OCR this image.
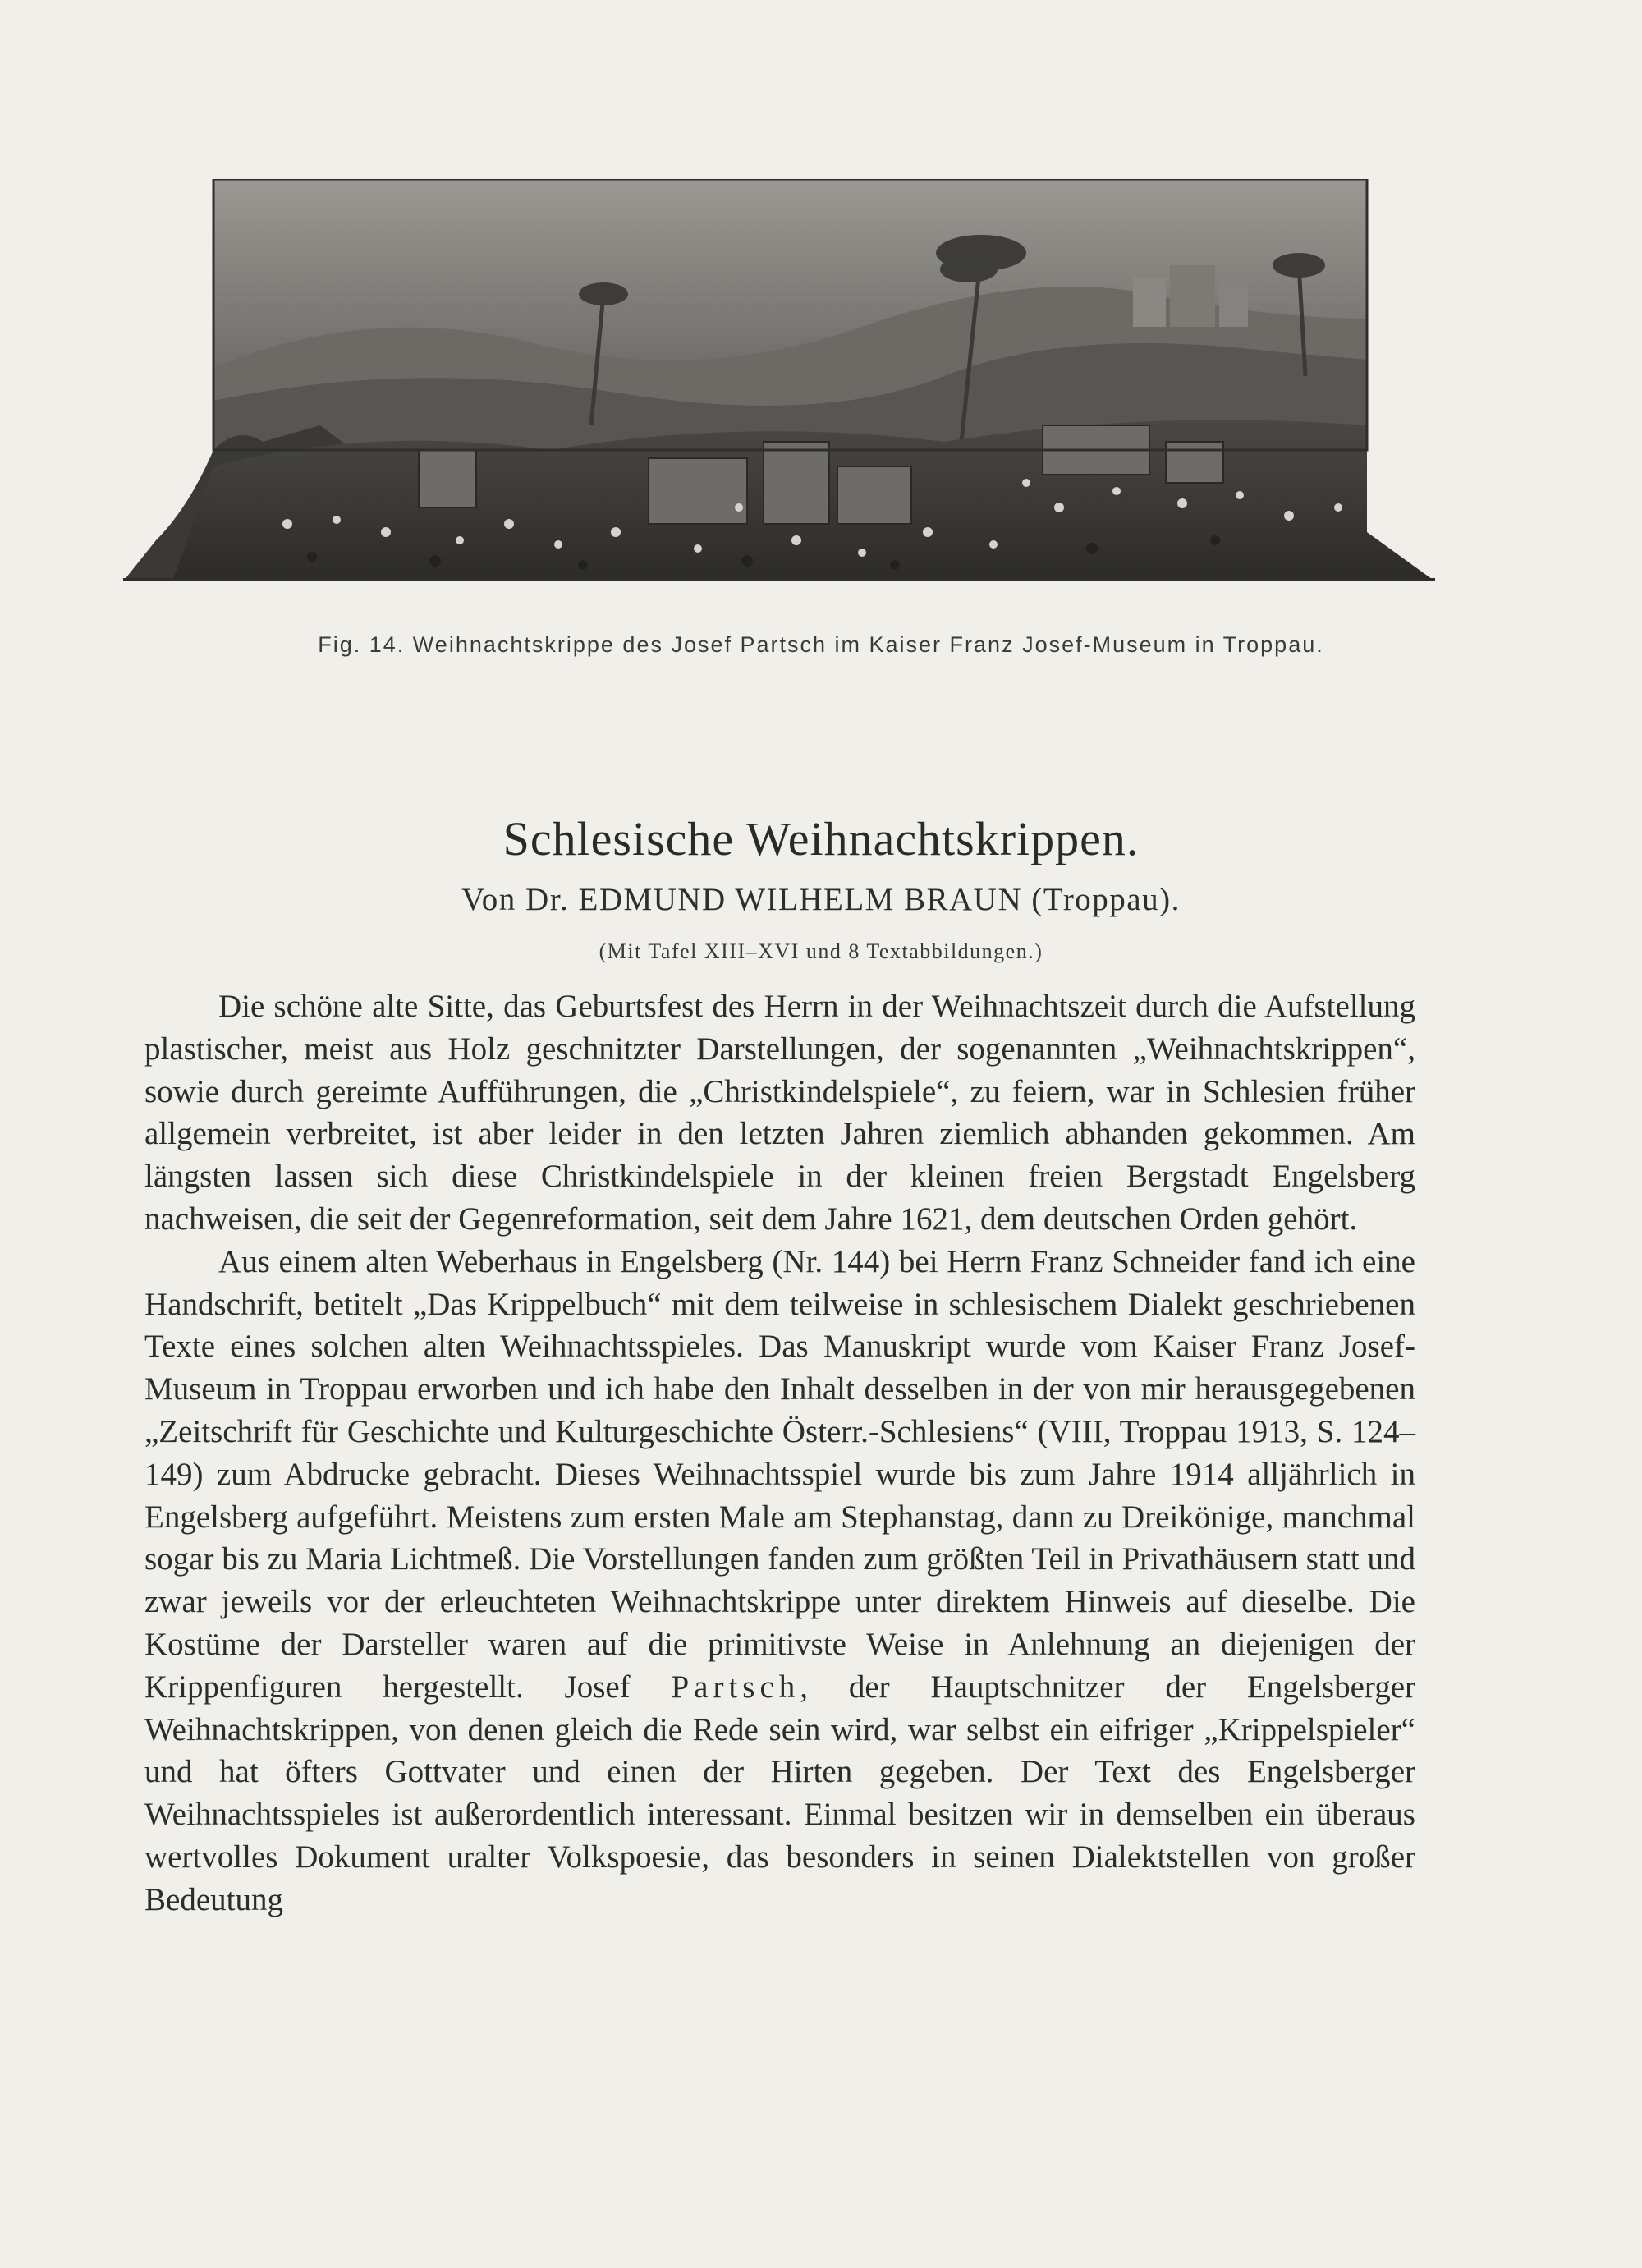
Fig. 14. Weihnachtskrippe des Josef Partsch im Kaiser Franz Josef-Museum in Troppau.
Schlesische Weihnachtskrippen.
Von Dr. EDMUND WILHELM BRAUN (Troppau).
(Mit Tafel XIII–XVI und 8 Textabbildungen.)

Die schöne alte Sitte, das Geburtsfest des Herrn in der Weihnachtszeit durch die Aufstellung plastischer, meist aus Holz geschnitzter Darstellungen, der sogenannten „Weihnachtskrippen“, sowie durch gereimte Aufführungen, die „Christkindelspiele“, zu feiern, war in Schlesien früher allgemein verbreitet, ist aber leider in den letzten Jahren ziemlich abhanden gekommen. Am längsten lassen sich diese Christkindelspiele in der kleinen freien Bergstadt Engelsberg nachweisen, die seit der Gegenreformation, seit dem Jahre 1621, dem deutschen Orden gehört.

Aus einem alten Weberhaus in Engelsberg (Nr. 144) bei Herrn Franz Schneider fand ich eine Handschrift, betitelt „Das Krippelbuch“ mit dem teilweise in schlesischem Dialekt geschriebenen Texte eines solchen alten Weihnachtsspieles. Das Manuskript wurde vom Kaiser Franz Josef-Museum in Troppau erworben und ich habe den Inhalt desselben in der von mir herausgegebenen „Zeitschrift für Geschichte und Kulturgeschichte Österr.-Schlesiens“ (VIII, Troppau 1913, S. 124–149) zum Abdrucke gebracht. Dieses Weihnachtsspiel wurde bis zum Jahre 1914 alljährlich in Engelsberg aufgeführt. Meistens zum ersten Male am Stephanstag, dann zu Dreikönige, manchmal sogar bis zu Maria Lichtmeß. Die Vorstellungen fanden zum größten Teil in Privathäusern statt und zwar jeweils vor der erleuchteten Weihnachtskrippe unter direktem Hinweis auf dieselbe. Die Kostüme der Darsteller waren auf die primitivste Weise in Anlehnung an diejenigen der Krippenfiguren hergestellt. Josef Partsch, der Hauptschnitzer der Engelsberger Weihnachtskrippen, von denen gleich die Rede sein wird, war selbst ein eifriger „Krippelspieler“ und hat öfters Gottvater und einen der Hirten gegeben. Der Text des Engelsberger Weihnachtsspieles ist außerordentlich interessant. Einmal besitzen wir in demselben ein überaus wertvolles Dokument uralter Volkspoesie, das besonders in seinen Dialektstellen von großer Bedeutung
